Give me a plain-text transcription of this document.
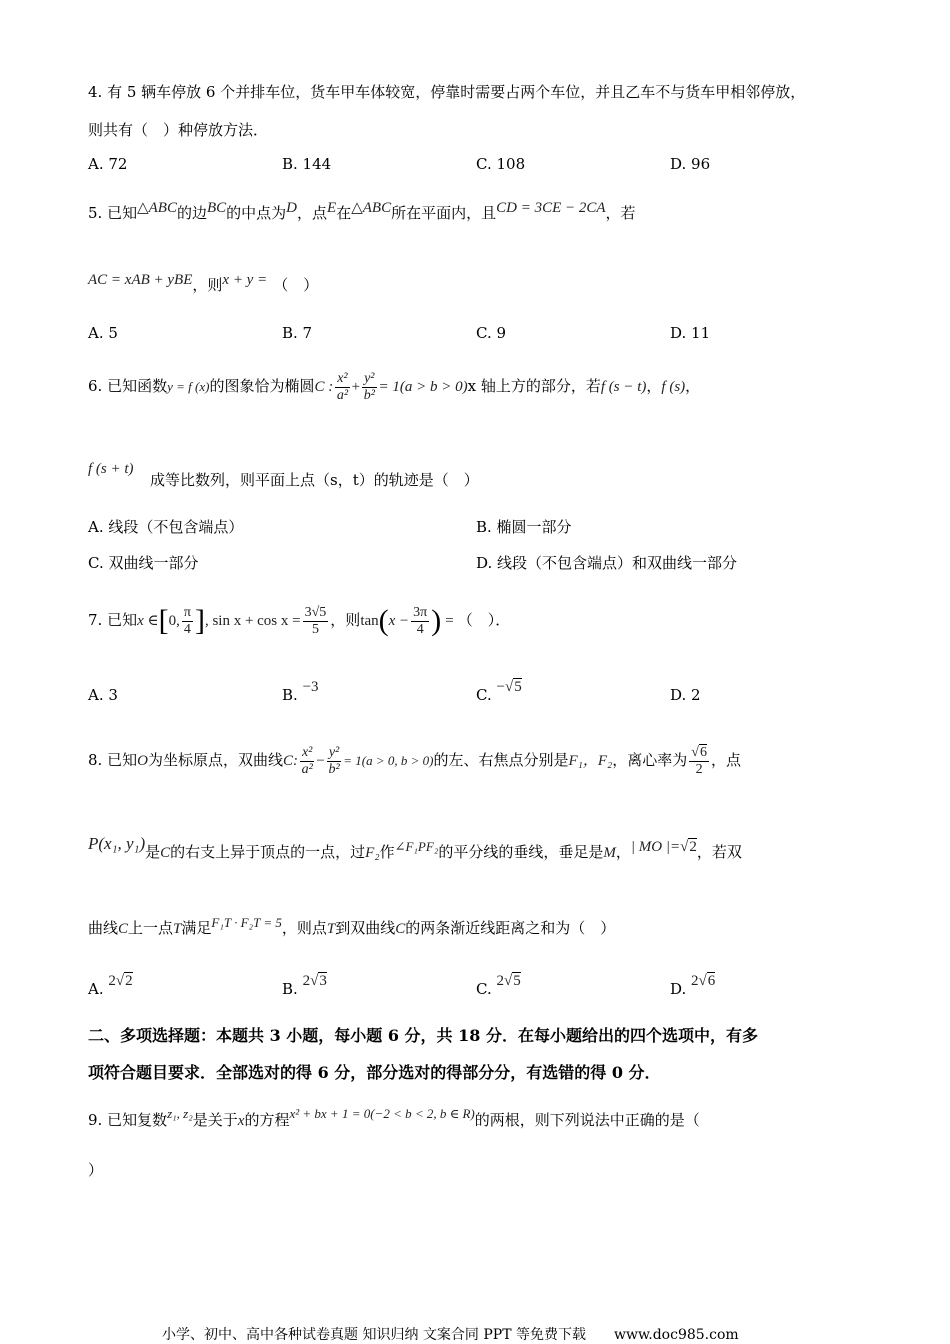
4. 有 5 辆车停放 6 个并排车位，货车甲车体较宽，停靠时需要占两个车位，并且乙车不与货车甲相邻停放，
则共有（　）种停放方法．
A. 72	B. 144	C. 108	D. 96
5. 已知△ABC的边BC的中点为D，点E在△ABC所在平面内，且CD = 3CE − 2CA，若
AC = xAB + yBE，则x + y = （　）
A. 5	B. 7	C. 9	D. 11
6. 已知函数y = f (x)的图象恰为椭圆C : $\frac{\text{x²}}{\text{a²}} + \frac{\text{y²}}{\text{b²}} = 1(a > b > 0)x$ 轴上方的部分，若f (s − t)，f (s)，
f (s + t)
成等比数列，则平面上点（s，t）的轨迹是（　）
A. 线段（不包含端点）	B. 椭圆一部分
C. 双曲线一部分	D. 线段（不包含端点）和双曲线一部分
7. 已知x ∈[0, $\frac{\pi}{4}$ ], $\sin x + \cos x = \frac{3√5}{5}$ ，则$\tan(x - \frac{3\pi}{4}$ ) = （　）．
A. 3	B. −3	C. −√5	D. 2
8. 已知O为坐标原点，双曲线C: $\frac{\text{x²}}{\text{a²}} - \frac{\text{y²}}{\text{b²}} = 1(a > 0$, b > 0)的左、右焦点分别是F₁，F₂，离心率为 $\frac{√6}{2}$ ，点
P(x₁, y₁)是C的右支上异于顶点的一点，过F₂作∠F₁PF₂的平分线的垂线，垂足是M，| MO |=√2，若双
曲线C上一点T满足F₁T · F₂T = 5，则点T到双曲线C的两条渐近线距离之和为（　）
A. 2√2	B. 2√3	C. 2√5	D. 2√6
二、多项选择题：本题共 3 小题，每小题 6 分，共 18 分．在每小题给出的四个选项中，有多
项符合题目要求．全部选对的得 6 分，部分选对的得部分分，有选错的得 0 分．
9. 已知复数z₁, z₂是关于x的方程x² + bx + 1 = 0(−2 < b < 2, b ∈ R)的两根，则下列说法中正确的是（
）
小学、初中、高中各种试卷真题 知识归纳 文案合同 PPT 等免费下载　　www.doc985.com
